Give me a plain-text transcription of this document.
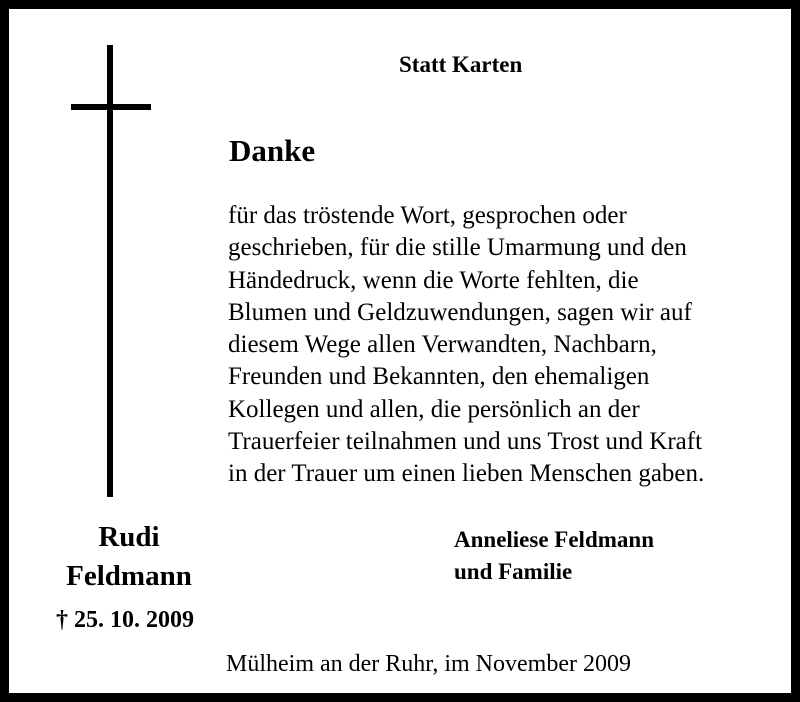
Statt Karten
Danke
für das tröstende Wort, gesprochen oder
geschrieben, für die stille Umarmung und den
Händedruck, wenn die Worte fehlten, die
Blumen und Geldzuwendungen, sagen wir auf
diesem Wege allen Verwandten, Nachbarn,
Freunden und Bekannten, den ehemaligen
Kollegen und allen, die persönlich an der
Trauerfeier teilnahmen und uns Trost und Kraft
in der Trauer um einen lieben Menschen gaben.
Rudi
Feldmann
† 25. 10. 2009
Anneliese Feldmann
und Familie
Mülheim an der Ruhr, im November 2009
